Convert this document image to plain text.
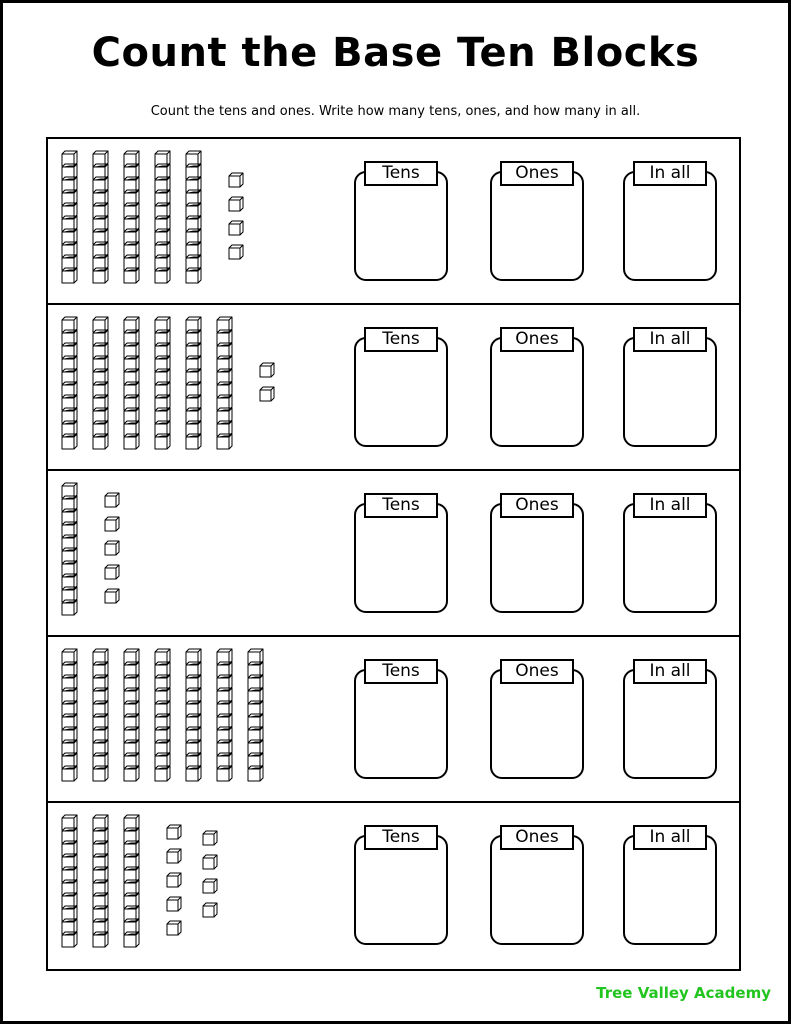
Count the Base Ten Blocks
Count the tens and ones. Write how many tens, ones, and how many in all.
Tens	Ones	In all
Tens	Ones	In all
Tens	Ones	In all
Tens	Ones	In all
Tens	Ones	In all
Tree Valley Academy
